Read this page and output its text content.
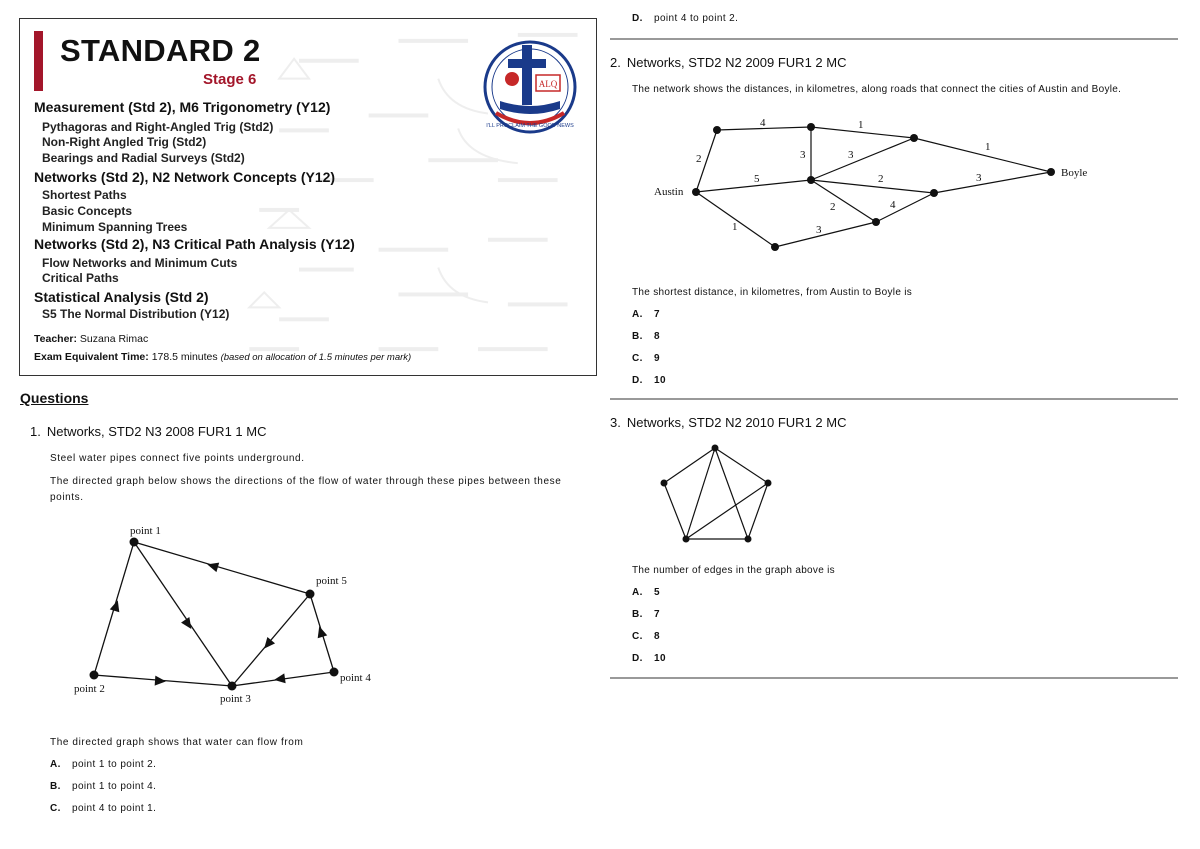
STANDARD 2
Stage 6
Measurement (Std 2), M6 Trigonometry (Y12)
Pythagoras and Right-Angled Trig (Std2)
Non-Right Angled Trig (Std2)
Bearings and Radial Surveys (Std2)
Networks (Std 2), N2 Network Concepts (Y12)
Shortest Paths
Basic Concepts
Minimum Spanning Trees
Networks (Std 2), N3 Critical Path Analysis (Y12)
Flow Networks and Minimum Cuts
Critical Paths
Statistical Analysis (Std 2)
S5 The Normal Distribution (Y12)
Teacher: Suzana Rimac
Exam Equivalent Time: 178.5 minutes (based on allocation of 1.5 minutes per mark)
ALQ
I'LL PROCLAIM THE GOOD NEWS
Questions
1. Networks, STD2 N3 2008 FUR1 1 MC
Steel water pipes connect five points underground.
The directed graph below shows the directions of the flow of water through these pipes between these points.
point 1
point 2
point 3
point 4
point 5
The directed graph shows that water can flow from
A. point 1 to point 2.
B. point 1 to point 4.
C. point 4 to point 1.
D. point 4 to point 2.
2. Networks, STD2 N2 2009 FUR1 2 MC
The network shows the distances, in kilometres, along roads that connect the cities of Austin and Boyle.
Austin
Boyle
4	1
2	3	3
1
5	2	3
2	4
1	3
The shortest distance, in kilometres, from Austin to Boyle is
A. 7
B. 8
C. 9
D. 10
3. Networks, STD2 N2 2010 FUR1 2 MC
The number of edges in the graph above is
A. 5
B. 7
C. 8
D. 10
